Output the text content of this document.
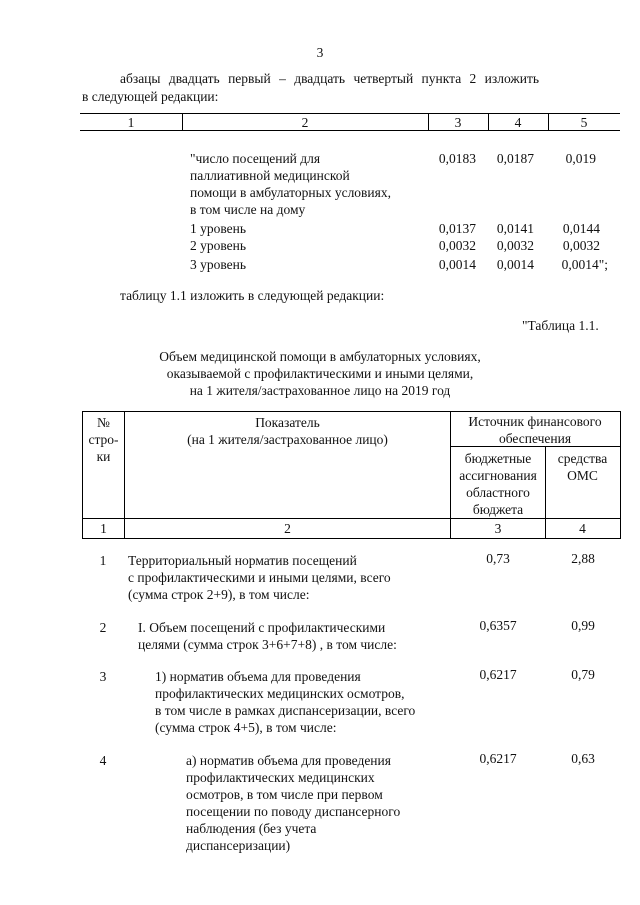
3
абзацы двадцать первый – двадцать четвертый пункта 2 изложить
в следующей редакции:
1	2	3	4	5
"число посещений для
паллиативной медицинской
помощи в амбулаторных условиях,
в том числе на дому
0,0183	0,0187	0,019
1 уровень	0,0137	0,0141	0,0144
2 уровень	0,0032	0,0032	0,0032
3 уровень	0,0014	0,0014	0,0014";
таблицу 1.1 изложить в следующей редакции:
"Таблица 1.1.
Объем медицинской помощи в амбулаторных условиях,
оказываемой с профилактическими и иными целями,
на 1 жителя/застрахованное лицо на 2019 год
№
стро-
ки
Показатель
(на 1 жителя/застрахованное лицо)
Источник финансового
обеспечения
бюджетные
ассигнования
областного
бюджета
средства
ОМС
1	2	3	4
1	Территориальный норматив посещений
с профилактическими и иными целями, всего
(сумма строк 2+9), в том числе:
0,73	2,88
2	I. Объем посещений с профилактическими
целями (сумма строк 3+6+7+8) , в том числе:
0,6357	0,99
3	1) норматив объема для проведения
профилактических медицинских осмотров,
в том числе в рамках диспансеризации, всего
(сумма строк 4+5), в том числе:
0,6217	0,79
4	а) норматив объема для проведения
профилактических медицинских
осмотров, в том числе при первом
посещении по поводу диспансерного
наблюдения (без учета
диспансеризации)
0,6217	0,63
